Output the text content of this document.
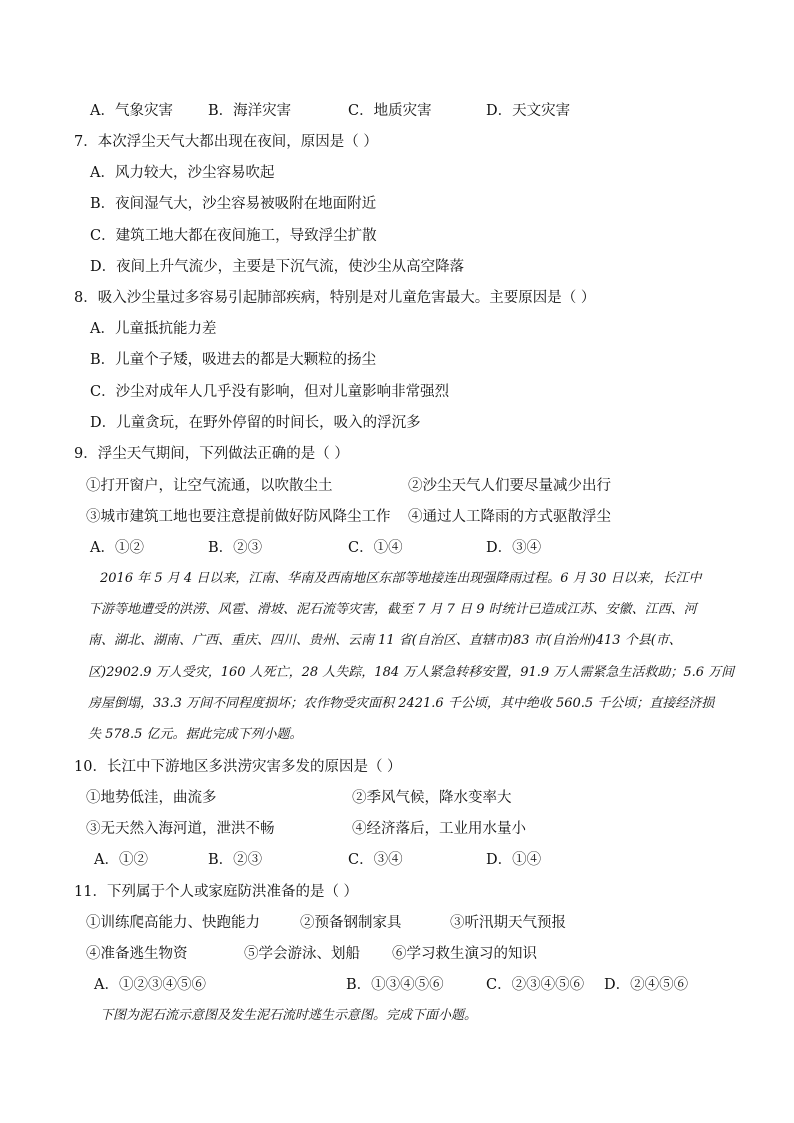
A．气象灾害 B．海洋灾害	C．地质灾害	D．天文灾害
7．本次浮尘天气大都出现在夜间，原因是（ ）
A．风力较大，沙尘容易吹起
B．夜间湿气大，沙尘容易被吸附在地面附近
C．建筑工地大都在夜间施工，导致浮尘扩散
D．夜间上升气流少，主要是下沉气流，使沙尘从高空降落
8．吸入沙尘量过多容易引起肺部疾病，特别是对儿童危害最大。主要原因是（ ）
A．儿童抵抗能力差
B．儿童个子矮，吸进去的都是大颗粒的扬尘
C．沙尘对成年人几乎没有影响，但对儿童影响非常强烈
D．儿童贪玩，在野外停留的时间长，吸入的浮沉多
9．浮尘天气期间，下列做法正确的是（ ）
①打开窗户，让空气流通，以吹散尘土	②沙尘天气人们要尽量减少出行
③城市建筑工地也要注意提前做好防风降尘工作 ④通过人工降雨的方式驱散浮尘
A．①②	B．②③	C．①④	D．③④
2016 年 5 月 4 日以来，江南、华南及西南地区东部等地接连出现强降雨过程。6 月 30 日以来，长江中
下游等地遭受的洪涝、风雹、滑坡、泥石流等灾害，截至 7 月 7 日 9 时统计已造成江苏、安徽、江西、河
南、湖北、湖南、广西、重庆、四川、贵州、云南 11 省(自治区、直辖市)83 市(自治州)413 个县(市、
区)2902.9 万人受灾，160 人死亡，28 人失踪，184 万人紧急转移安置，91.9 万人需紧急生活救助；5.6 万间
房屋倒塌，33.3 万间不同程度损坏；农作物受灾面积 2421.6 千公顷，其中绝收 560.5 千公顷；直接经济损
失 578.5 亿元。据此完成下列小题。
10．长江中下游地区多洪涝灾害多发的原因是（ ）
①地势低洼，曲流多	②季风气候，降水变率大
③无天然入海河道，泄洪不畅	④经济落后，工业用水量小
A．①②	B．②③	C．③④	D．①④
11．下列属于个人或家庭防洪准备的是（ ）
①训练爬高能力、快跑能力	②预备钢制家具	③听汛期天气预报
④准备逃生物资	⑤学会游泳、划船 ⑥学习救生演习的知识
A．①②③④⑤⑥	B．①③④⑤⑥	C．②③④⑤⑥ D．②④⑤⑥
下图为泥石流示意图及发生泥石流时逃生示意图。完成下面小题。
